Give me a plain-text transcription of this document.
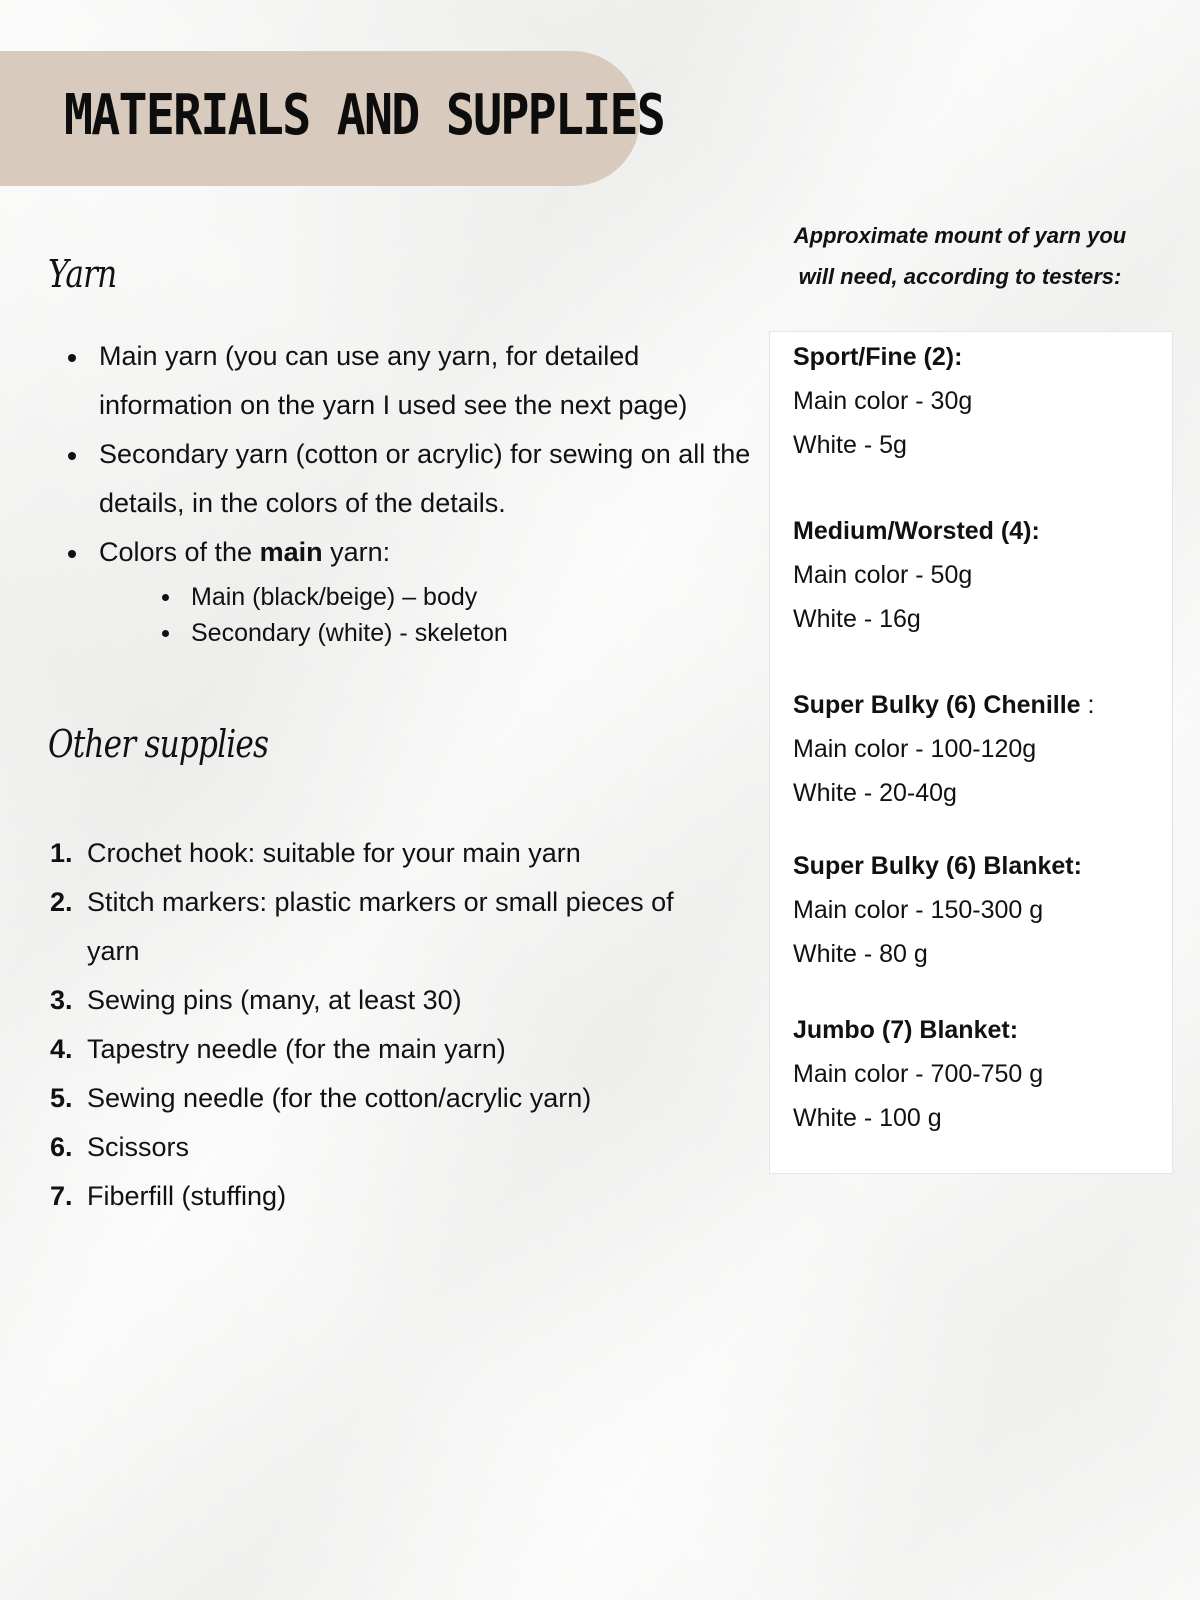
MATERIALS AND SUPPLIES
Yarn
Main yarn (you can use any yarn, for detailed information on the yarn I used see the next page)
Secondary yarn (cotton or acrylic) for sewing on all the details, in the colors of the details.
Colors of the main yarn:
Main (black/beige) – body
Secondary (white) - skeleton
Other supplies
1. Crochet hook: suitable for your main yarn
2. Stitch markers: plastic markers or small pieces of
yarn
3. Sewing pins (many, at least 30)
4. Tapestry needle (for the main yarn)
5. Sewing needle (for the cotton/acrylic yarn)
6. Scissors
7. Fiberfill (stuffing)

Approximate mount of yarn you
will need, according to testers:

Sport/Fine (2):
Main color - 30g
White - 5g
Medium/Worsted (4):
Main color - 50g
White - 16g
Super Bulky (6) Chenille :
Main color - 100-120g
White - 20-40g
Super Bulky (6) Blanket:
Main color - 150-300 g
White - 80 g
Jumbo (7) Blanket:
Main color - 700-750 g
White - 100 g
